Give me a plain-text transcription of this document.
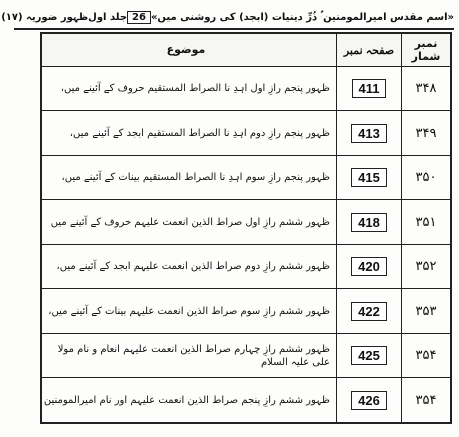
«اسم مقدس امیرالمومنین ؑ ذُرِّ دینیات (ابجد) کی روشنی میں»
26
جلد اول
ظہور ضوریہ (١٧)
نمبر شمار	صفحہ نمبر	موضوع
۳۴۸	411	ظہور پنجم رازِ اول اہدِ نا الصراط المستقیم حروف کے آئینے میں،
۳۴۹	413	ظہور پنجم رازِ دوم اہدِ نا الصراط المستقیم ابجد کے آئینے میں،
۳۵۰	415	ظہور پنجم رازِ سوم اہدِ نا الصراط المستقیم بینات کے آئینے میں،
۳۵۱	418	ظہور ششم رازِ اول صراط الذین انعمت علیہم حروف کے آئینے میں
۳۵۲	420	ظہور ششم رازِ دوم صراط الذین انعمت علیہم ابجد کے آئینے میں،
۳۵۳	422	ظہور ششم رازِ سوم صراط الذین انعمت علیہم بینات کے آئینے میں،
۳۵۴	425	ظہور ششم رازِ چہارم صراط الذین انعمت علیہم انعام و نام مولا علی علیہ السلام
۳۵۴	426	ظہور ششم رازِ پنجم صراط الذین انعمت علیہم اور نام امیرالمومنین
